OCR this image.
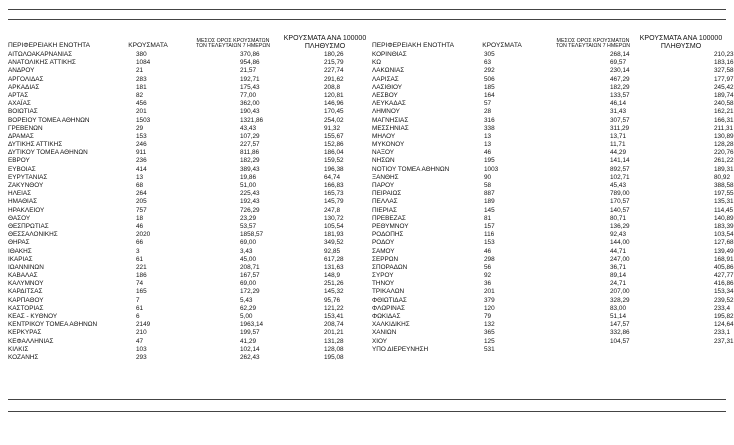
ΠΕΡΙΦΕΡΕΙΑΚΗ ΕΝΟΤΗΤΑ	ΚΡΟΥΣΜΑΤΑ
ΜΕΣΟΣ ΟΡΟΣ ΚΡΟΥΣΜΑΤΩΝ
ΤΩΝ ΤΕΛΕΥΤΑΙΩΝ 7 ΗΜΕΡΩΝ
ΚΡΟΥΣΜΑΤΑ ΑΝΑ 100000
ΠΛΗΘΥΣΜΟ
ΑΙΤΩΛΟΑΚΑΡΝΑΝΙΑΣ	380	370,86	180,26
ΑΝΑΤΟΛΙΚΗΣ ΑΤΤΙΚΗΣ	1084	954,86	215,79
ΑΝΔΡΟΥ	21	21,57	227,74
ΑΡΓΟΛΙΔΑΣ	283	192,71	291,62
ΑΡΚΑΔΙΑΣ	181	175,43	208,8
ΑΡΤΑΣ	82	77,00	120,81
ΑΧΑΪΑΣ	456	362,00	146,96
ΒΟΙΩΤΙΑΣ	201	190,43	170,45
ΒΟΡΕΙΟΥ ΤΟΜΕΑ ΑΘΗΝΩΝ	1503	1321,86	254,02
ΓΡΕΒΕΝΩΝ	29	43,43	91,32
ΔΡΑΜΑΣ	153	107,29	155,67
ΔΥΤΙΚΗΣ ΑΤΤΙΚΗΣ	246	227,57	152,86
ΔΥΤΙΚΟΥ ΤΟΜΕΑ ΑΘΗΝΩΝ	911	811,86	186,04
ΕΒΡΟΥ	236	182,29	159,52
ΕΥΒΟΙΑΣ	414	389,43	196,38
ΕΥΡΥΤΑΝΙΑΣ	13	19,86	64,74
ΖΑΚΥΝΘΟΥ	68	51,00	166,83
ΗΛΕΙΑΣ	264	225,43	165,73
ΗΜΑΘΙΑΣ	205	192,43	145,79
ΗΡΑΚΛΕΙΟΥ	757	726,29	247,8
ΘΑΣΟΥ	18	23,29	130,72
ΘΕΣΠΡΩΤΙΑΣ	46	53,57	105,54
ΘΕΣΣΑΛΟΝΙΚΗΣ	2020	1858,57	181,93
ΘΗΡΑΣ	66	69,00	349,52
ΙΘΑΚΗΣ	3	3,43	92,85
ΙΚΑΡΙΑΣ	61	45,00	617,28
ΙΩΑΝΝΙΝΩΝ	221	208,71	131,63
ΚΑΒΑΛΑΣ	186	167,57	148,9
ΚΑΛΥΜΝΟΥ	74	69,00	251,26
ΚΑΡΔΙΤΣΑΣ	165	172,29	145,32
ΚΑΡΠΑΘΟΥ	7	5,43	95,76
ΚΑΣΤΟΡΙΑΣ	61	62,29	121,22
ΚΕΑΣ - ΚΥΘΝΟΥ	6	5,00	153,41
ΚΕΝΤΡΙΚΟΥ ΤΟΜΕΑ ΑΘΗΝΩΝ	2149	1963,14	208,74
ΚΕΡΚΥΡΑΣ	210	199,57	201,21
ΚΕΦΑΛΛΗΝΙΑΣ	47	41,29	131,28
ΚΙΛΚΙΣ	103	102,14	128,08
ΚΟΖΑΝΗΣ	293	262,43	195,08
ΠΕΡΙΦΕΡΕΙΑΚΗ ΕΝΟΤΗΤΑ	ΚΡΟΥΣΜΑΤΑ
ΜΕΣΟΣ ΟΡΟΣ ΚΡΟΥΣΜΑΤΩΝ
ΤΩΝ ΤΕΛΕΥΤΑΙΩΝ 7 ΗΜΕΡΩΝ
ΚΡΟΥΣΜΑΤΑ ΑΝΑ 100000
ΠΛΗΘΥΣΜΟ
ΚΟΡΙΝΘΙΑΣ	305	268,14	210,23
ΚΩ	63	69,57	183,16
ΛΑΚΩΝΙΑΣ	292	230,14	327,58
ΛΑΡΙΣΑΣ	506	467,29	177,97
ΛΑΣΙΘΙΟΥ	185	182,29	245,42
ΛΕΣΒΟΥ	164	133,57	189,74
ΛΕΥΚΑΔΑΣ	57	46,14	240,58
ΛΗΜΝΟΥ	28	31,43	162,21
ΜΑΓΝΗΣΙΑΣ	316	307,57	166,31
ΜΕΣΣΗΝΙΑΣ	338	311,29	211,31
ΜΗΛΟΥ	13	13,71	130,89
ΜΥΚΟΝΟΥ	13	11,71	128,28
ΝΑΞΟΥ	46	44,29	220,76
ΝΗΣΩΝ	195	141,14	261,22
ΝΟΤΙΟΥ ΤΟΜΕΑ ΑΘΗΝΩΝ	1003	892,57	189,31
ΞΑΝΘΗΣ	90	102,71	80,92
ΠΑΡΟΥ	58	45,43	388,58
ΠΕΙΡΑΙΩΣ	887	789,00	197,55
ΠΕΛΛΑΣ	189	170,57	135,31
ΠΙΕΡΙΑΣ	145	140,57	114,45
ΠΡΕΒΕΖΑΣ	81	80,71	140,89
ΡΕΘΥΜΝΟΥ	157	136,29	183,39
ΡΟΔΟΠΗΣ	116	92,43	103,54
ΡΟΔΟΥ	153	144,00	127,68
ΣΑΜΟΥ	46	44,71	139,49
ΣΕΡΡΩΝ	298	247,00	168,91
ΣΠΟΡΑΔΩΝ	56	36,71	405,86
ΣΥΡΟΥ	92	89,14	427,77
ΤΗΝΟΥ	36	24,71	416,86
ΤΡΙΚΑΛΩΝ	201	207,00	153,34
ΦΘΙΩΤΙΔΑΣ	379	328,29	239,52
ΦΛΩΡΙΝΑΣ	120	83,00	233,4
ΦΩΚΙΔΑΣ	79	51,14	195,82
ΧΑΛΚΙΔΙΚΗΣ	132	147,57	124,64
ΧΑΝΙΩΝ	365	332,86	233,1
ΧΙΟΥ	125	104,57	237,31
ΥΠΟ ΔΙΕΡΕΥΝΗΣΗ	531
